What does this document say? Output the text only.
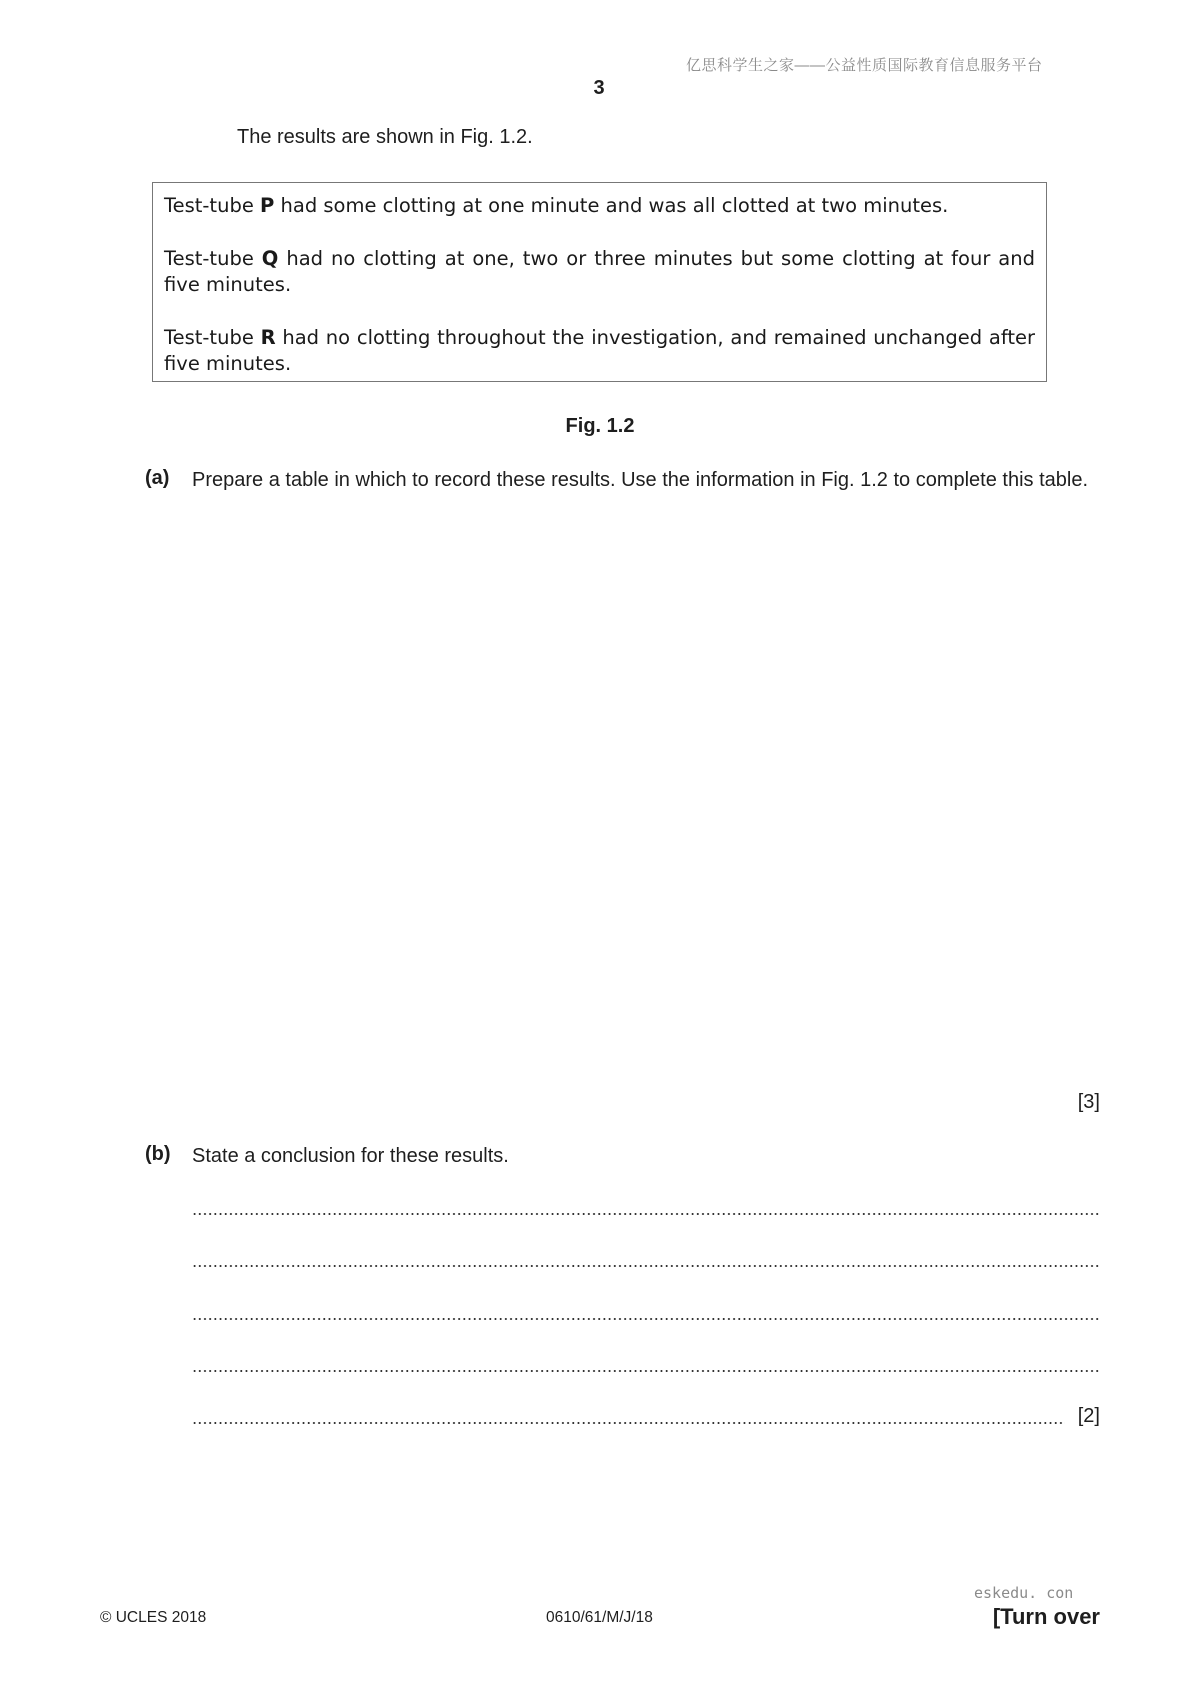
亿思科学生之家——公益性质国际教育信息服务平台
3
The results are shown in Fig. 1.2.

Test-tube P had some clotting at one minute and was all clotted at two minutes.

Test-tube Q had no clotting at one, two or three minutes but some clotting at four and five minutes.

Test-tube R had no clotting throughout the investigation, and remained unchanged after five minutes.

Fig. 1.2
(a) Prepare a table in which to record these results. Use the information in Fig. 1.2 to complete this table.
[3]
(b) State a conclusion for these results.
[2]
eskedu. con
© UCLES 2018	0610/61/M/J/18	[Turn over
